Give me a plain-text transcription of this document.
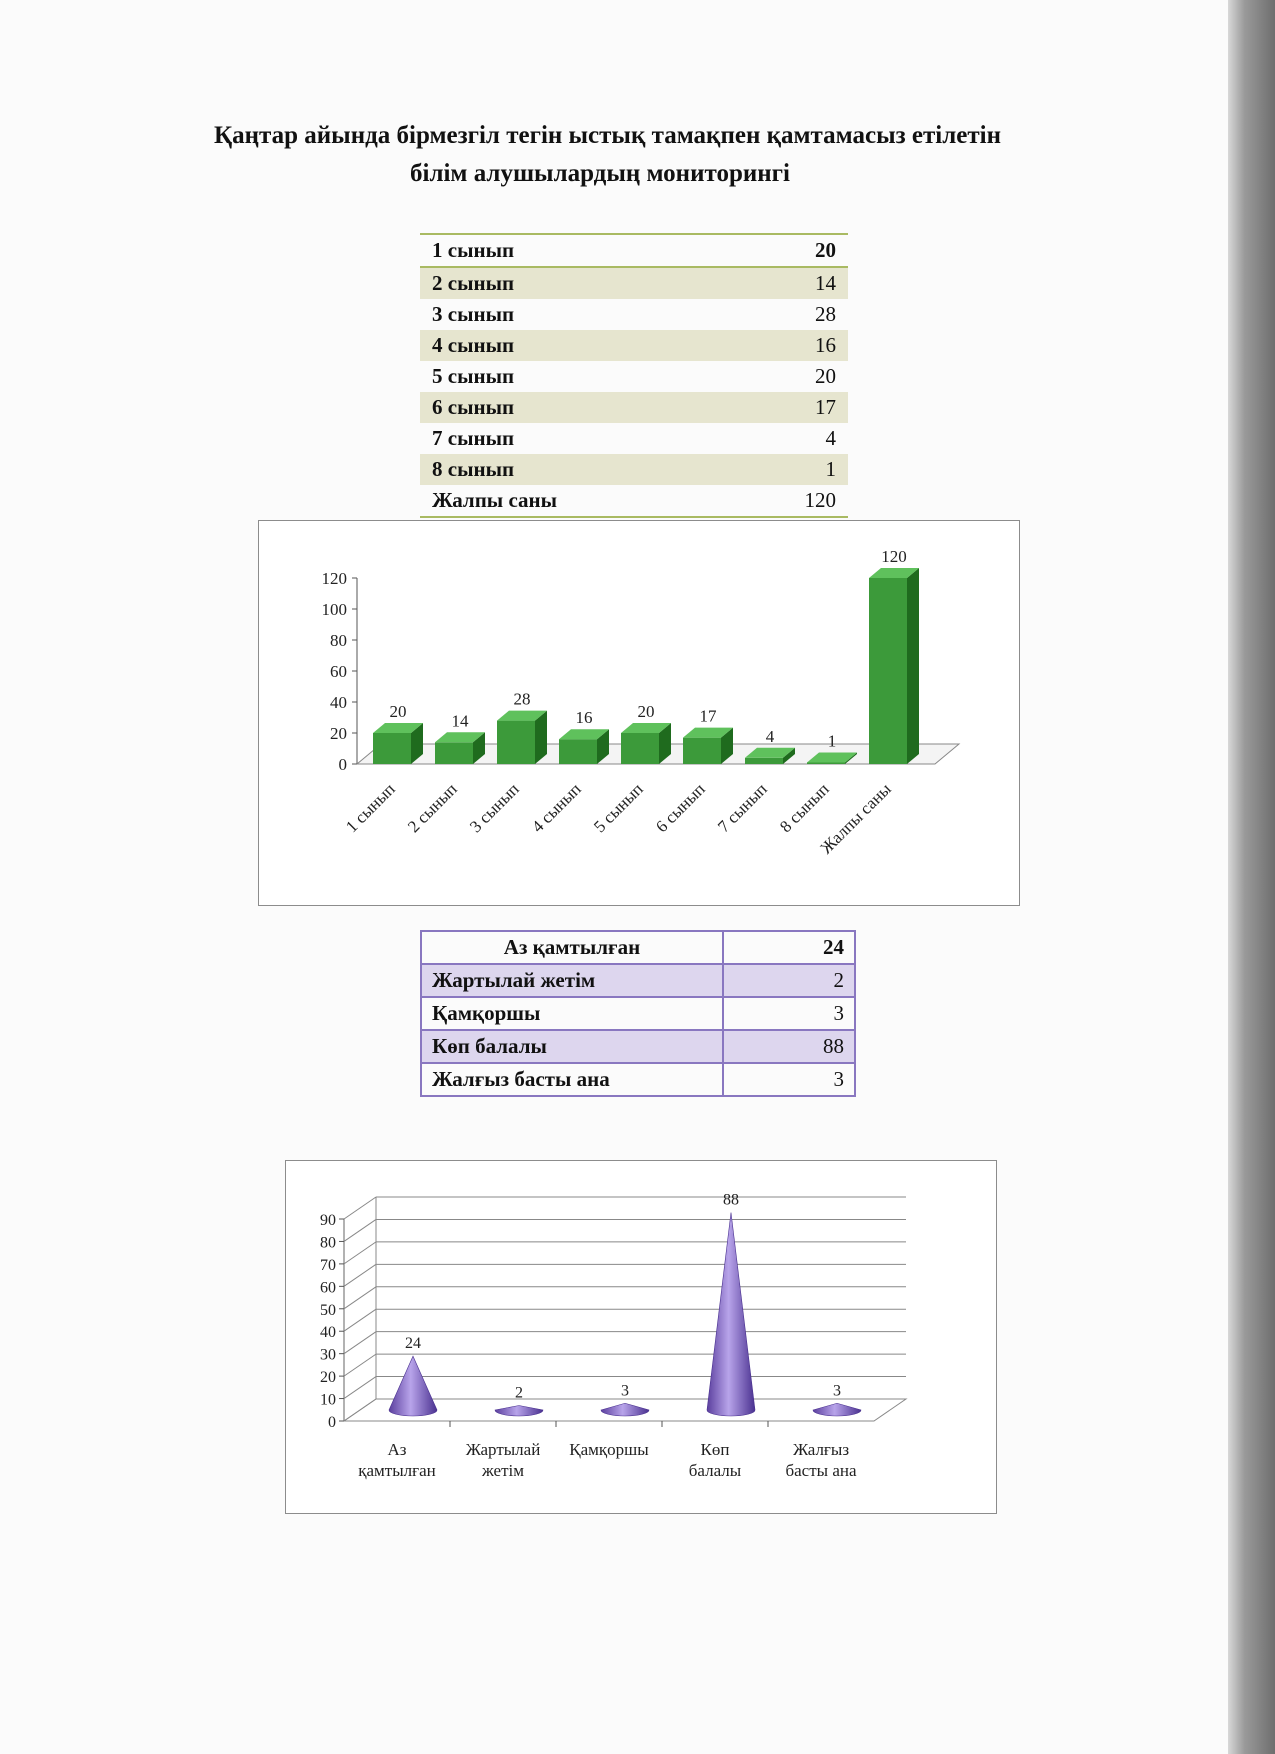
Қаңтар айында бірмезгіл тегін ыстық тамақпен қамтамасыз етілетін
білім алушылардың мониторингі
1 сынып	20
2 сынып	14
3 сынып	28
4 сынып	16
5 сынып	20
6 сынып	17
7 сынып	4
8 сынып	1
Жалпы саны	120
0
20
40
60
80
100
120
20
1 сынып
14
2 сынып
28
3 сынып
16
4 сынып
20
5 сынып
17
6 сынып
4
7 сынып
1
8 сынып
120
Жалпы саны
Аз қамтылған	24
Жартылай жетім	2
Қамқоршы	3
Көп балалы	88
Жалғыз басты ана	3
0
10
20
30
40
50
60
70
80
90
24
Аз қамтылған
2
Жартылай жетім
3
Қамқоршы
88
Көп балалы
3
Жалғыз басты ана
